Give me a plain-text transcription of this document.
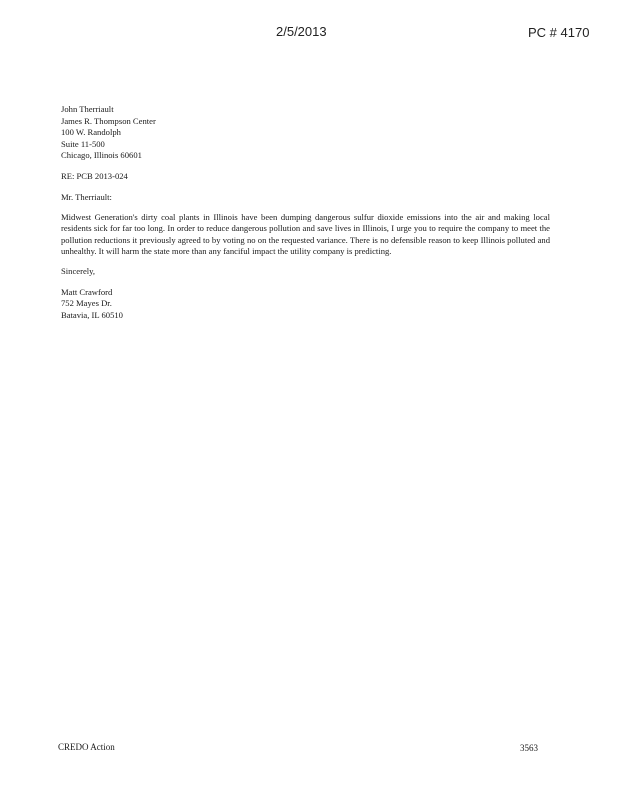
2/5/2013	PC # 4170
John Therriault
James R. Thompson Center
100 W. Randolph
Suite 11-500
Chicago, Illinois 60601
RE: PCB 2013-024
Mr. Therriault:
Midwest Generation's dirty coal plants in Illinois have been dumping dangerous sulfur dioxide emissions into the air and making local residents sick for far too long. In order to reduce dangerous pollution and save lives in Illinois, I urge you to require the company to meet the pollution reductions it previously agreed to by voting no on the requested variance. There is no defensible reason to keep Illinois polluted and unhealthy. It will harm the state more than any fanciful impact the utility company is predicting.
Sincerely,
Matt Crawford
752 Mayes Dr.
Batavia, IL 60510
CREDO Action	3563
